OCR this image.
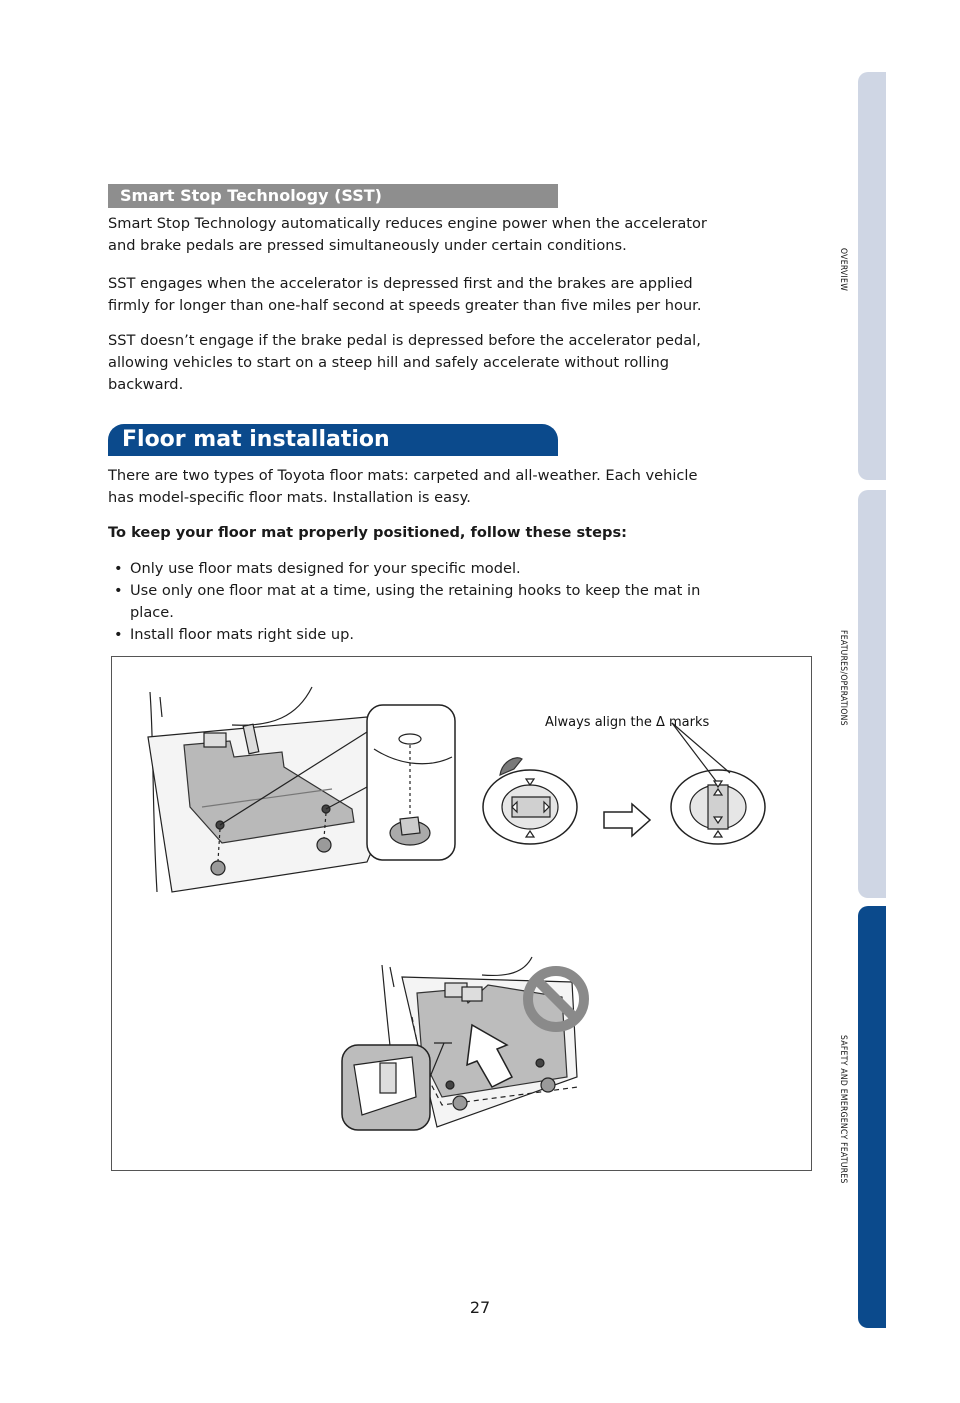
OVERVIEW
FEATURES/OPERATIONS
SAFETY AND EMERGENCY FEATURES
Smart Stop Technology (SST)
Smart Stop Technology automatically reduces engine power when the accelerator
and brake pedals are pressed simultaneously under certain conditions.
SST engages when the accelerator is depressed first and the brakes are applied
firmly for longer than one-half second at speeds greater than five miles per hour.
SST doesn’t engage if the brake pedal is depressed before the accelerator pedal,
allowing vehicles to start on a steep hill and safely accelerate without rolling
backward.
Floor mat installation
There are two types of Toyota floor mats: carpeted and all-weather. Each vehicle
has model-specific floor mats. Installation is easy.
To keep your floor mat properly positioned, follow these steps:
• Only use floor mats designed for your specific model.
• Use only one floor mat at a time, using the retaining hooks to keep the mat in
place.
• Install floor mats right side up.
Always align the Δ marks
27
